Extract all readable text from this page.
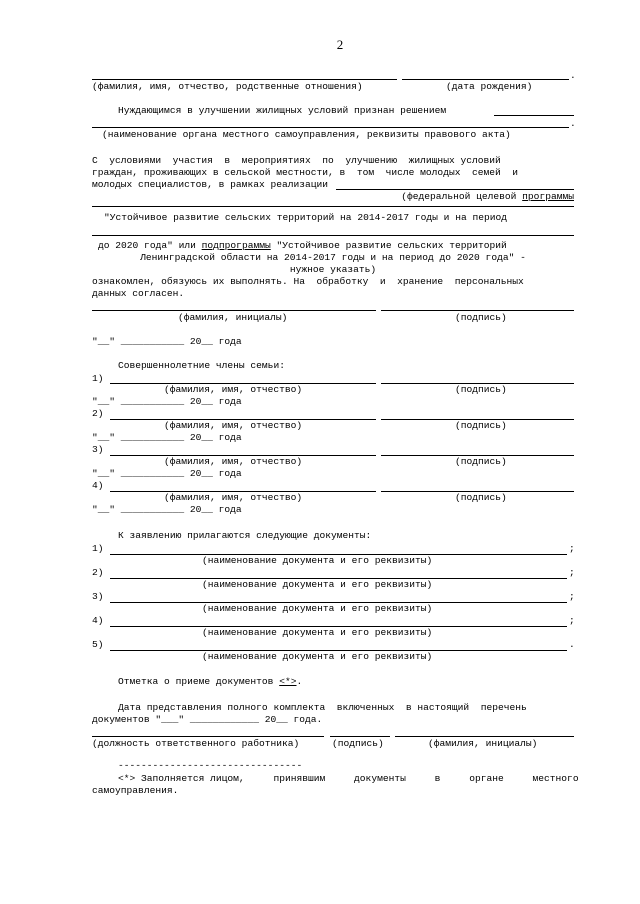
2
.
(фамилия, имя, отчество, родственные отношения)	(дата рождения)
Нуждающимся в улучшении жилищных условий признан решением
.
(наименование органа местного самоуправления, реквизиты правового акта)
С  условиями  участия  в  мероприятиях  по  улучшению  жилищных условий
граждан, проживающих в сельской местности, в  том  числе молодых  семей  и
молодых специалистов, в рамках реализации
(федеральной целевой программы
"Устойчивое развитие сельских территорий на 2014-2017 годы и на период
до 2020 года" или подпрограммы "Устойчивое развитие сельских территорий
Ленинградской области на 2014-2017 годы и на период до 2020 года" -
нужное указать)
ознакомлен, обязуюсь их выполнять. На  обработку  и  хранение  персональных
данных согласен.
(фамилия, инициалы)	(подпись)
"__" ___________ 20__ года
Совершеннолетние члены семьи:
1)
(фамилия, имя, отчество)	(подпись)
"__" ___________ 20__ года
2)
(фамилия, имя, отчество)	(подпись)
"__" ___________ 20__ года
3)
(фамилия, имя, отчество)	(подпись)
"__" ___________ 20__ года
4)
(фамилия, имя, отчество)	(подпись)
"__" ___________ 20__ года
К заявлению прилагаются следующие документы:
1)	;
(наименование документа и его реквизиты)
2)	;
(наименование документа и его реквизиты)
3)	;
(наименование документа и его реквизиты)
4)	;
(наименование документа и его реквизиты)
5)	.
(наименование документа и его реквизиты)
Отметка о приеме документов <*>.
Дата представления полного комплекта  включенных  в настоящий  перечень
документов "___" ____________ 20__ года.
(должность ответственного работника)	(подпись)	(фамилия, инициалы)
--------------------------------
<*> Заполняется лицом,     принявшим     документы     в     органе     местного
самоуправления.
